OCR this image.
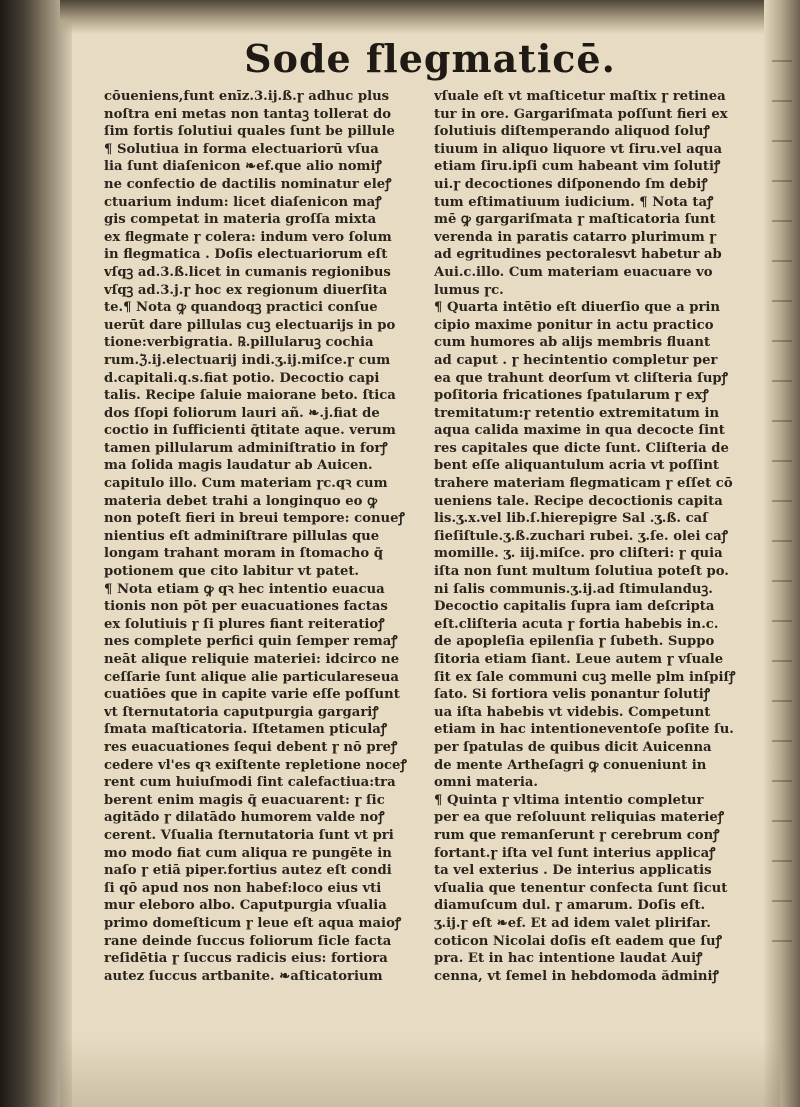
Sode flegmaticē.
cōueniens,funt enīz.3.ij.ß.ɼ adhuc plus
noſtra eni metas non tantaꝫ tollerat do
ſim fortis ſolutiui quales ſunt be pillule
¶ Solutiua in forma electuariorū vſua
lia ſunt diaſenicon ❧ef.que alio nomiꝭ
ne confectio de dactilis nominatur eleꝭ
ctuarium indum: licet diaſenicon maꝭ
gis competat in materia groſſa mixta
ex flegmate ɼ colera: indum vero ſolum
in flegmatica . Doſis electuariorum eſt
vſqꝫ ad.3.ß.licet in cumanis regionibus
vſqꝫ ad.3.j.ɼ hoc ex regionum diuerſita
te.¶ Nota ꝙ quandoqꝫ practici conſue
uerūt dare pillulas cuꝫ electuarijs in po
tione:verbigratia. ℞.pillularuꝫ cochia
rum.ℨ.ij.electuarij indi.ʒ.ij.miſce.ɼ cum
d.capitali.q.s.fiat potio. Decoctio capi
talis. Recipe ſaluie maiorane beto. ſtica
dos ſſopi foliorum lauri añ. ❧.j.fiat de
coctio in ſufficienti q̄titate aque. verum
tamen pillularum adminiſtratio in forꝭ
ma ſolida magis laudatur ab Auicen.
capitulo illo. Cum materiam ɼc.qꝛ cum
materia debet trahi a longinquo eo ꝙ
non poteſt fieri in breui tempore: conueꝭ
nientius eſt adminiſtrare pillulas que
longam trahant moram in ſtomacho q̄
potionem que cito labitur vt patet.
¶ Nota etiam ꝙ qꝛ hec intentio euacua
tionis non pōt per euacuationes factas
ex ſolutiuis ɼ ſi plures fiant reiteratioꝭ
nes complete perfici quin ſemper remaꝭ
neāt alique reliquie materiei: idcirco ne
ceſſarie ſunt alique alie particulareseua
cuatiōes que in capite varie eſſe poſſunt
vt ſternutatoria caputpurgia gargariꝭ
ſmata maſticatoria. Iſtetamen pticulaꝭ
res euacuationes ſequi debent ɼ nō preꝭ
cedere vl'es qꝛ exiſtente repletione noceꝭ
rent cum huiuſmodi ſint calefactiua:tra
berent enim magis q̄ euacuarent: ɼ ſic
agitādo ɼ dilatādo humorem valde noꝭ
cerent. Vſualia ſternutatoria ſunt vt pri
mo modo fiat cum aliqua re pungēte in
naſo ɼ etiā piper.fortius autez eſt condi
ſi qō apud nos non habef:loco eius vti
mur eleboro albo. Caputpurgia vſualia
primo domeſticum ɼ leue eſt aqua maioꝭ
rane deinde ſuccus foliorum ſicle facta
reſidētia ɼ ſuccus radicis eius: fortiora
autez ſuccus artbanite. ❧aſticatorium
vſuale eſt vt maſticetur maſtix ɼ retinea
tur in ore. Gargariſmata poſſunt fieri ex
ſolutiuis diſtemperando aliquod ſoluꝭ
tiuum in aliquo liquore vt ſiru.vel aqua
etiam ſiru.ipſi cum habeant vim ſolutiꝭ
ui.ɼ decoctiones diſponendo ſm debiꝭ
tum eſtimatiuum iudicium. ¶ Nota taꝭ
mē ꝙ gargariſmata ɼ maſticatoria ſunt
verenda in paratis catarro plurimum ɼ
ad egritudines pectoralesvt habetur ab
Aui.c.illo. Cum materiam euacuare vo
lumus ɼc.
¶ Quarta intētio eſt diuerſio que a prin
cipio maxime ponitur in actu practico
cum humores ab alijs membris fluant
ad caput . ɼ hecintentio completur per
ea que trahunt deorſum vt cliſteria ſupꝭ
poſitoria fricationes ſpatularum ɼ exꝭ
tremitatum:ɼ retentio extremitatum in
aqua calida maxime in qua decocte ſint
res capitales que dicte ſunt. Cliſteria de
bent eſſe aliquantulum acria vt poſſint
trahere materiam flegmaticam ɼ eſſet cō
ueniens tale. Recipe decoctionis capita
lis.ʒ.x.vel lib.ſ.hierepigre Sal .ʒ.ß. caſ
ſieſiſtule.ʒ.ß.zuchari rubei. ʒ.ſe. olei caꝭ
momille. ʒ. iij.miſce. pro cliſteri: ɼ quia
iſta non ſunt multum ſolutiua poteſt po.
ni ſalis communis.ʒ.ij.ad ſtimulanduꝫ.
Decoctio capitalis ſupra iam deſcripta
eſt.cliſteria acuta ɼ fortia habebis in.c.
de apopleſia epilenſia ɼ ſubeth. Suppo
ſitoria etiam ſiant. Leue autem ɼ vſuale
ſit ex ſale communi cuꝫ melle plm inſpiſꝭ
ſato. Si fortiora velis ponantur ſolutiꝭ
ua iſta habebis vt videbis. Competunt
etiam in hac intentioneventoſe poſite ſu.
per ſpatulas de quibus dicit Auicenna
de mente Artheſagri ꝙ conueniunt in
omni materia.
¶ Quinta ɼ vltima intentio completur
per ea que reſoluunt reliquias materieꝭ
rum que remanſerunt ɼ cerebrum conꝭ
fortant.ɼ iſta vel ſunt interius applicaꝭ
ta vel exterius . De interius applicatis
vſualia que tenentur confecta ſunt ſicut
diamuſcum dul. ɼ amarum. Doſis eſt.
ʒ.ij.ɼ eſt ❧ef. Et ad idem valet plirifar.
coticon Nicolai doſis eſt eadem que ſuꝭ
pra. Et in hac intentione laudat Auiꝭ
cenna, vt ſemel in hebdomoda ădminiꝭ
